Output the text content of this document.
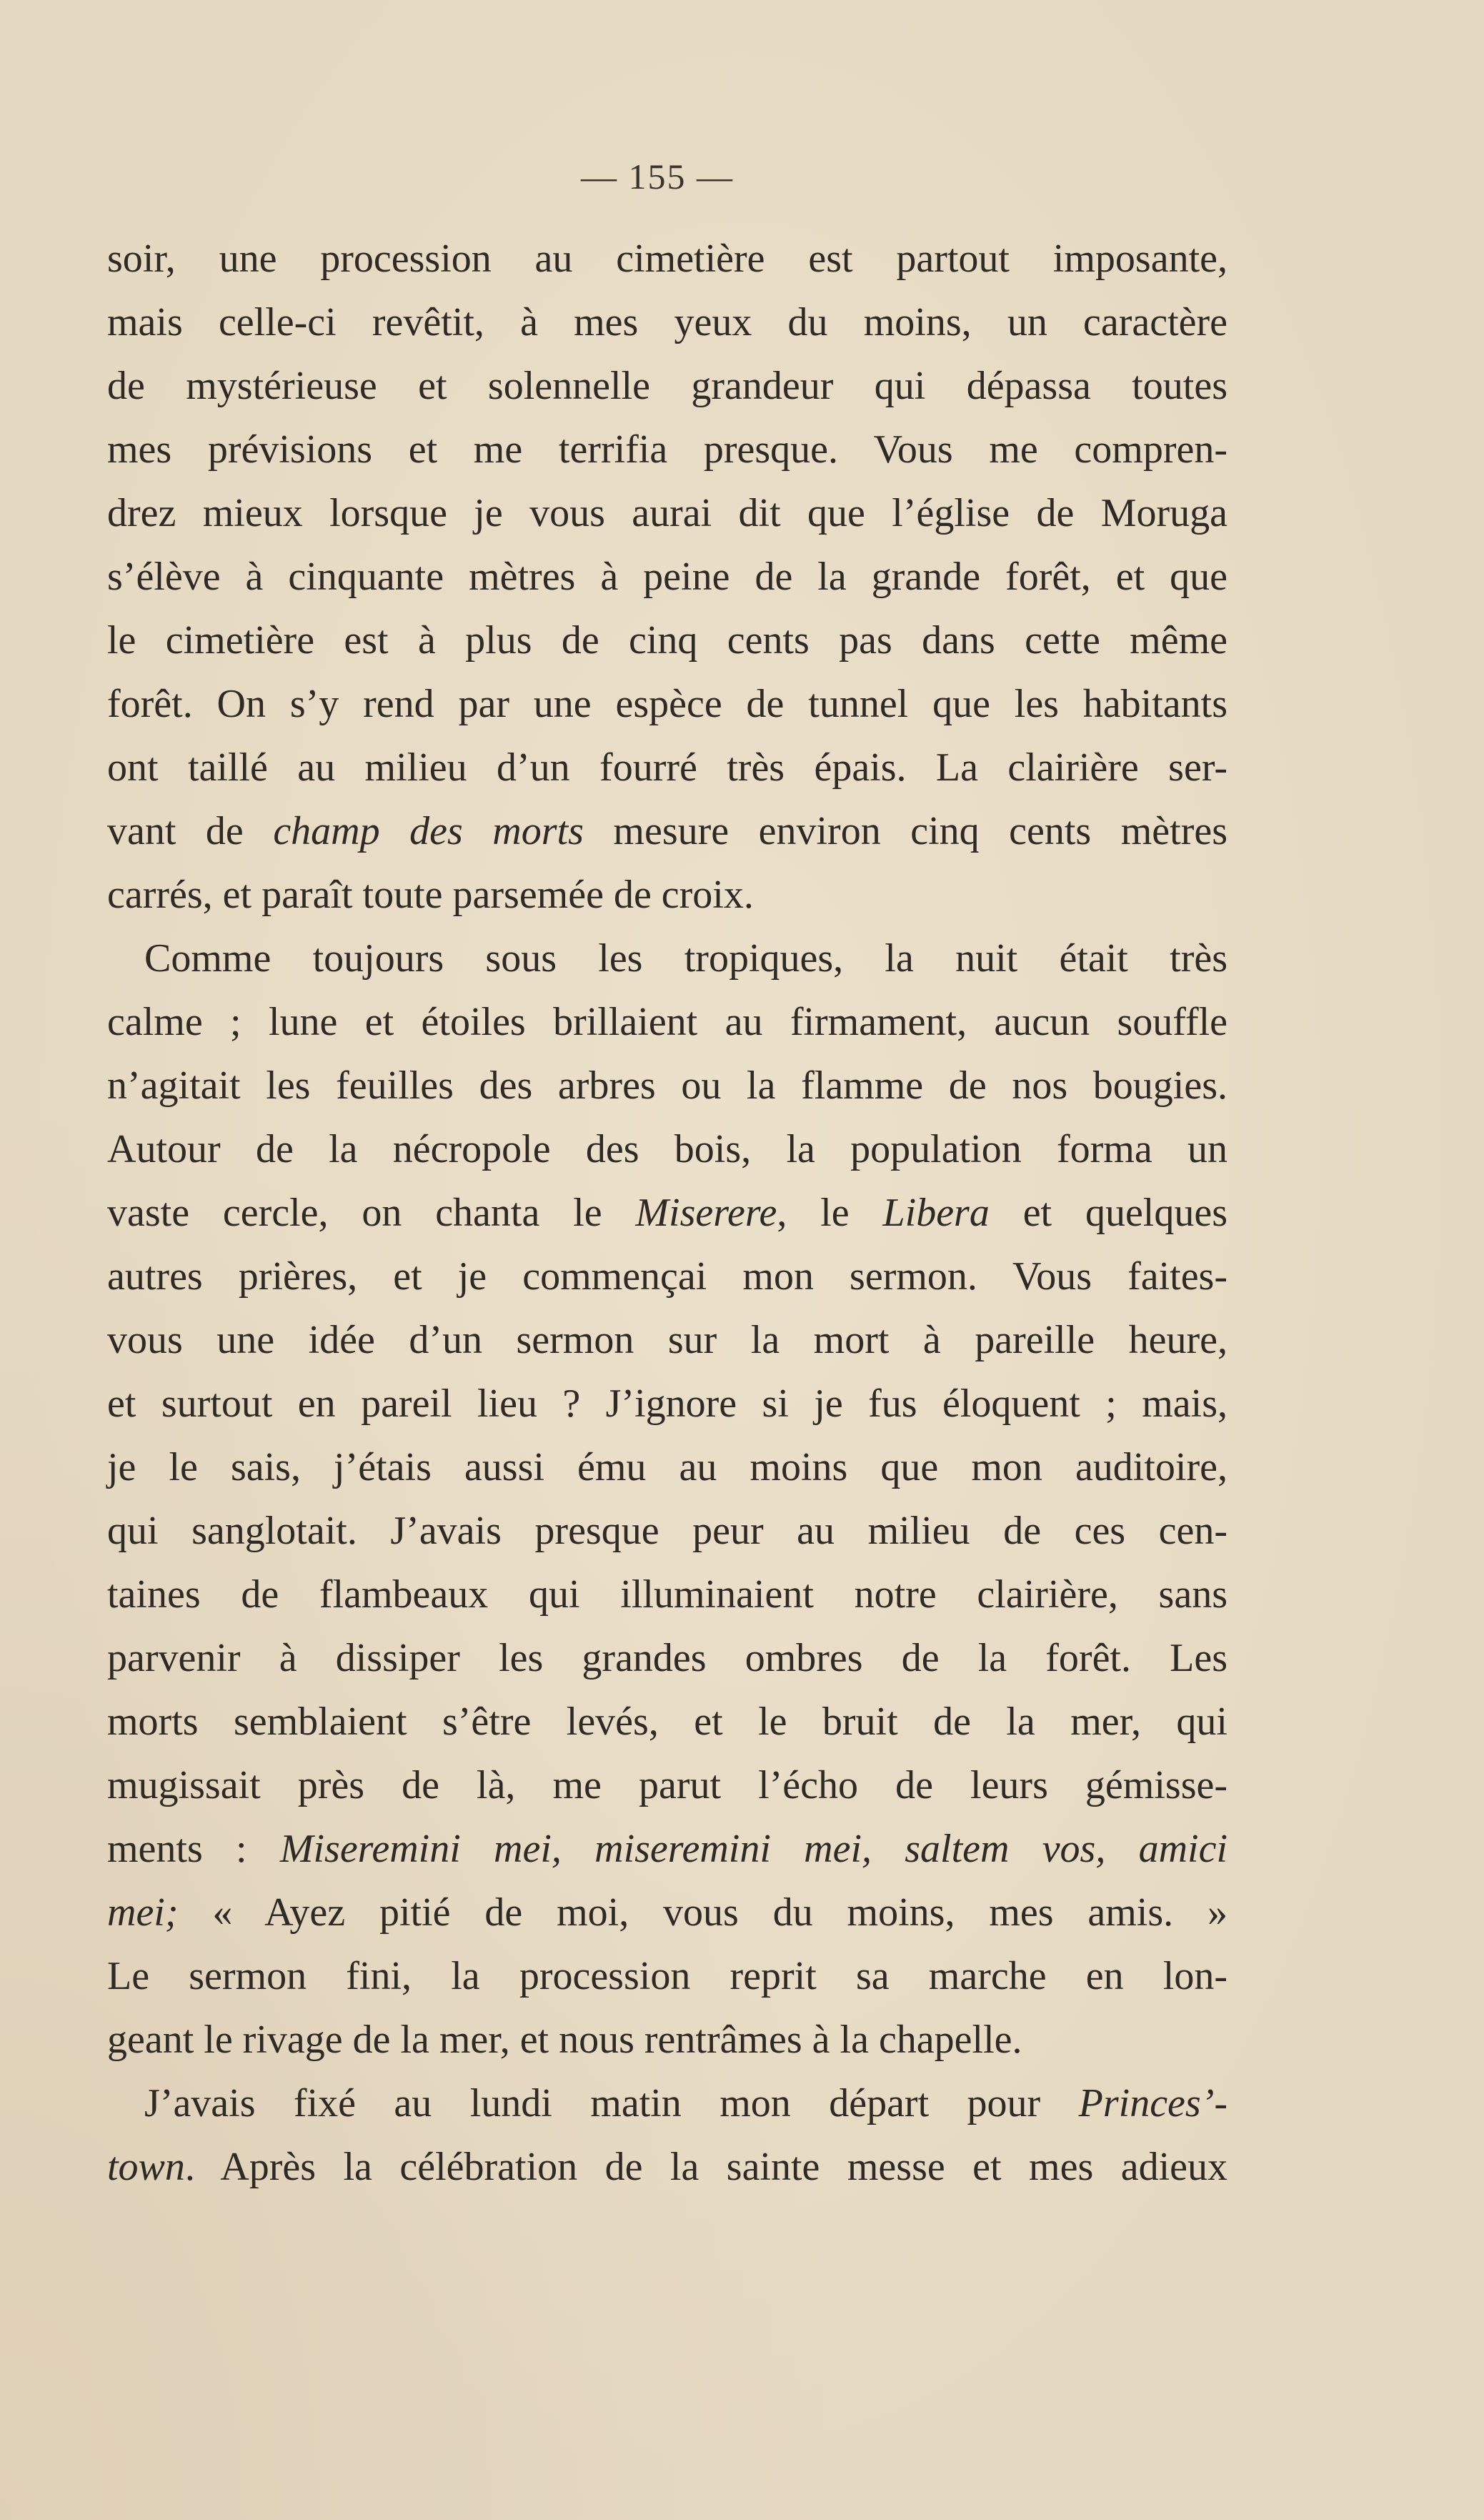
— 155 —
soir, une procession au cimetière est partout imposante,
mais celle-ci revêtit, à mes yeux du moins, un caractère
de mystérieuse et solennelle grandeur qui dépassa toutes
mes prévisions et me terrifia presque. Vous me compren-
drez mieux lorsque je vous aurai dit que l’église de Moruga
s’élève à cinquante mètres à peine de la grande forêt, et que
le cimetière est à plus de cinq cents pas dans cette même
forêt. On s’y rend par une espèce de tunnel que les habitants
ont taillé au milieu d’un fourré très épais. La clairière ser-
vant de champ des morts mesure environ cinq cents mètres
carrés, et paraît toute parsemée de croix.
Comme toujours sous les tropiques, la nuit était très
calme ; lune et étoiles brillaient au firmament, aucun souffle
n’agitait les feuilles des arbres ou la flamme de nos bougies.
Autour de la nécropole des bois, la population forma un
vaste cercle, on chanta le Miserere, le Libera et quelques
autres prières, et je commençai mon sermon. Vous faites-
vous une idée d’un sermon sur la mort à pareille heure,
et surtout en pareil lieu ? J’ignore si je fus éloquent ; mais,
je le sais, j’étais aussi ému au moins que mon auditoire,
qui sanglotait. J’avais presque peur au milieu de ces cen-
taines de flambeaux qui illuminaient notre clairière, sans
parvenir à dissiper les grandes ombres de la forêt. Les
morts semblaient s’être levés, et le bruit de la mer, qui
mugissait près de là, me parut l’écho de leurs gémisse-
ments : Miseremini mei, miseremini mei, saltem vos, amici
mei; « Ayez pitié de moi, vous du moins, mes amis. »
Le sermon fini, la procession reprit sa marche en lon-
geant le rivage de la mer, et nous rentrâmes à la chapelle.
J’avais fixé au lundi matin mon départ pour Princes’-
town. Après la célébration de la sainte messe et mes adieux
